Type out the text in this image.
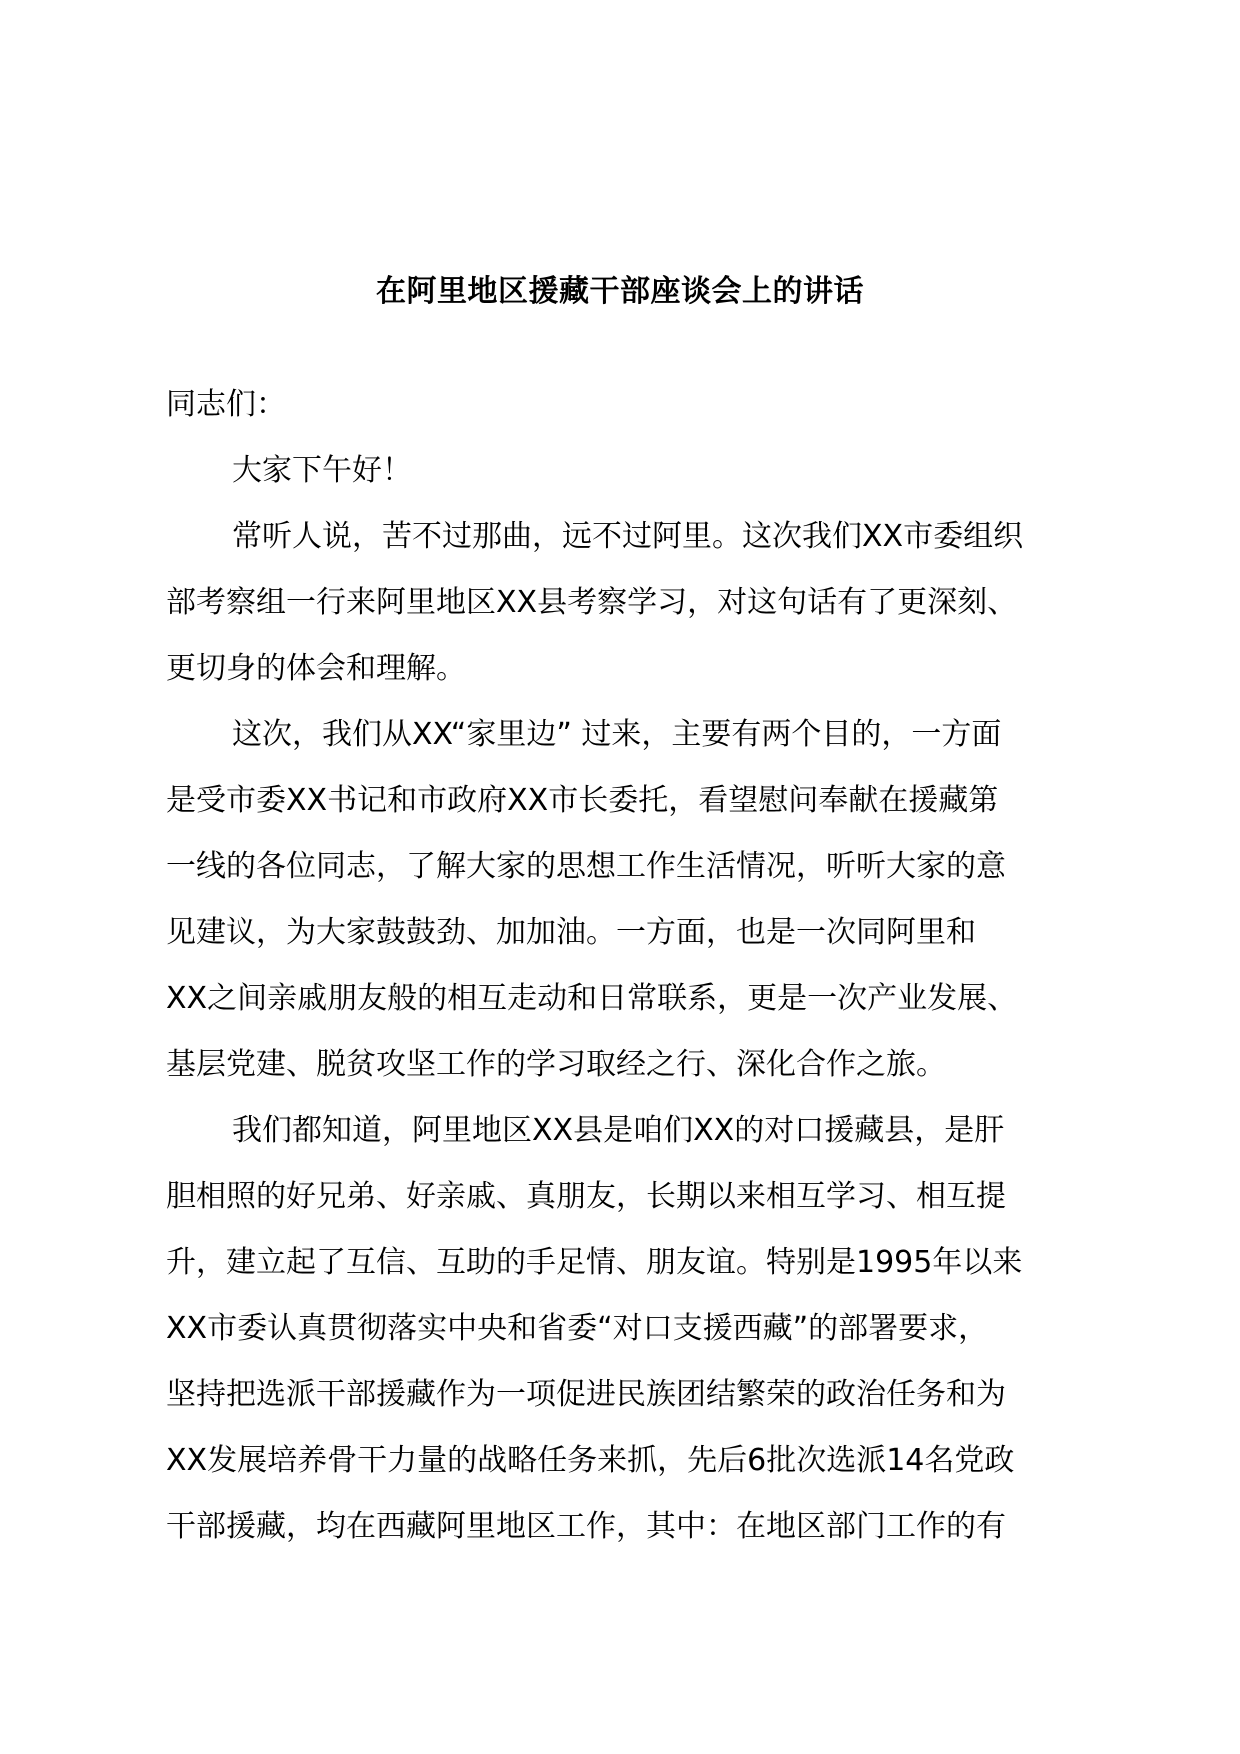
在阿里地区援藏干部座谈会上的讲话
同志们：
大家下午好！
常听人说，苦不过那曲，远不过阿里。这次我们XX市委组织
部考察组一行来阿里地区XX县考察学习，对这句话有了更深刻、
更切身的体会和理解。
这次，我们从XX“家里边” 过来，主要有两个目的，一方面
是受市委XX书记和市政府XX市长委托，看望慰问奉献在援藏第
一线的各位同志，了解大家的思想工作生活情况，听听大家的意
见建议，为大家鼓鼓劲、加加油。一方面，也是一次同阿里和
XX之间亲戚朋友般的相互走动和日常联系，更是一次产业发展、
基层党建、脱贫攻坚工作的学习取经之行、深化合作之旅。
我们都知道，阿里地区XX县是咱们XX的对口援藏县，是肝
胆相照的好兄弟、好亲戚、真朋友，长期以来相互学习、相互提
升，建立起了互信、互助的手足情、朋友谊。特别是1995年以来
XX市委认真贯彻落实中央和省委“对口支援西藏”的部署要求，
坚持把选派干部援藏作为一项促进民族团结繁荣的政治任务和为
XX发展培养骨干力量的战略任务来抓，先后6批次选派14名党政
干部援藏，均在西藏阿里地区工作，其中：在地区部门工作的有
